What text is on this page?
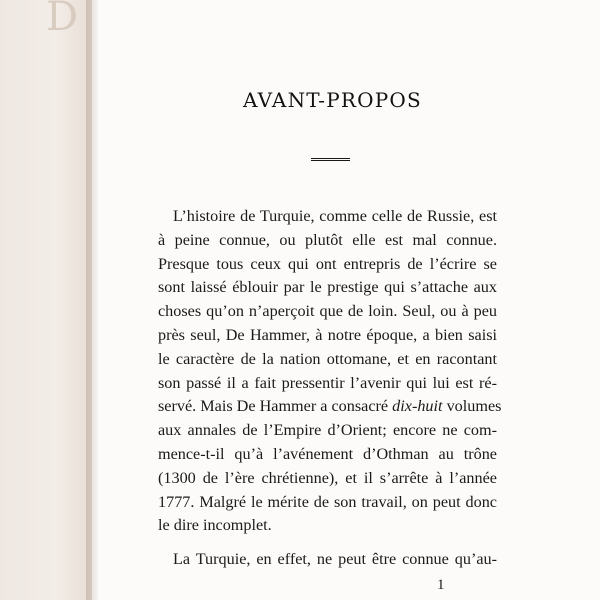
D
AVANT-PROPOS
L’histoire de Turquie, comme celle de Russie, est
à peine connue, ou plutôt elle est mal connue.
Presque tous ceux qui ont entrepris de l’écrire se
sont laissé éblouir par le prestige qui s’attache aux
choses qu’on n’aperçoit que de loin. Seul, ou à peu
près seul, De Hammer, à notre époque, a bien saisi
le caractère de la nation ottomane, et en racontant
son passé il a fait pressentir l’avenir qui lui est ré-
servé. Mais De Hammer a consacré dix-huit volumes
aux annales de l’Empire d’Orient; encore ne com-
mence-t-il qu’à l’avénement d’Othman au trône
(1300 de l’ère chrétienne), et il s’arrête à l’année
1777. Malgré le mérite de son travail, on peut donc
le dire incomplet.
La Turquie, en effet, ne peut être connue qu’au-
1
